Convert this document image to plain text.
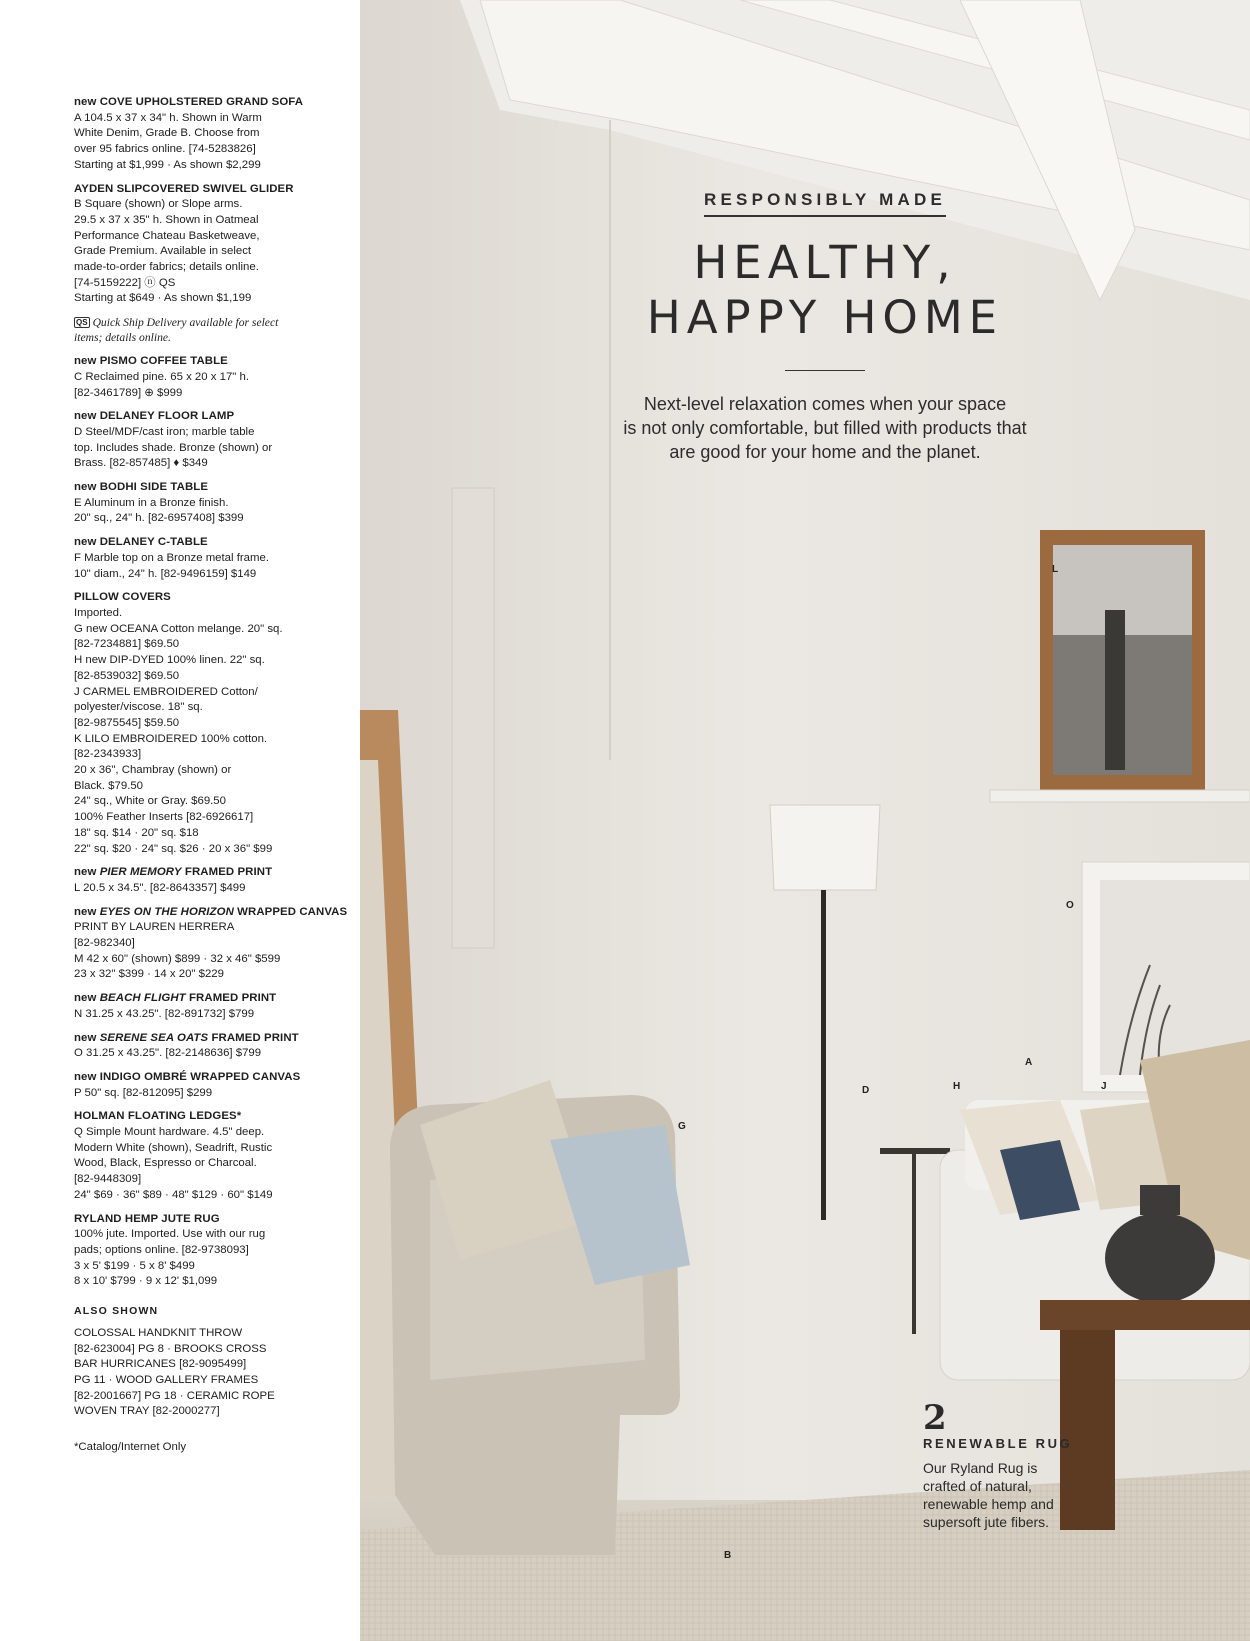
new COVE UPHOLSTERED GRAND SOFA
A 104.5 x 37 x 34" h. Shown in Warm
White Denim, Grade B. Choose from
over 95 fabrics online. [74-5283826]
Starting at $1,999 · As shown $2,299
AYDEN SLIPCOVERED SWIVEL GLIDER
B Square (shown) or Slope arms.
29.5 x 37 x 35" h. Shown in Oatmeal
Performance Chateau Basketweave,
Grade Premium. Available in select
made-to-order fabrics; details online.
[74-5159222] ⓝ QS
Starting at $649 · As shown $1,199
QS Quick Ship Delivery available for select
items; details online.
new PISMO COFFEE TABLE
C Reclaimed pine. 65 x 20 x 17" h.
[82-3461789] ⊕ $999
new DELANEY FLOOR LAMP
D Steel/MDF/cast iron; marble table
top. Includes shade. Bronze (shown) or
Brass. [82-857485] ♦ $349
new BODHI SIDE TABLE
E Aluminum in a Bronze finish.
20" sq., 24" h. [82-6957408] $399
new DELANEY C-TABLE
F Marble top on a Bronze metal frame.
10" diam., 24" h. [82-9496159] $149
PILLOW COVERS
Imported.
G new OCEANA Cotton melange. 20" sq.
[82-7234881] $69.50
H new DIP-DYED 100% linen. 22" sq.
[82-8539032] $69.50
J CARMEL EMBROIDERED Cotton/
polyester/viscose. 18" sq.
[82-9875545] $59.50
K LILO EMBROIDERED 100% cotton.
[82-2343933]
20 x 36", Chambray (shown) or
Black. $79.50
24" sq., White or Gray. $69.50
100% Feather Inserts [82-6926617]
18" sq. $14 · 20" sq. $18
22" sq. $20 · 24" sq. $26 · 20 x 36" $99
new PIER MEMORY FRAMED PRINT
L 20.5 x 34.5". [82-8643357] $499
new EYES ON THE HORIZON WRAPPED CANVAS
PRINT BY LAUREN HERRERA
[82-982340]
M 42 x 60" (shown) $899 · 32 x 46" $599
23 x 32" $399 · 14 x 20" $229
new BEACH FLIGHT FRAMED PRINT
N 31.25 x 43.25". [82-891732] $799
new SERENE SEA OATS FRAMED PRINT
O 31.25 x 43.25". [82-2148636] $799
new INDIGO OMBRÉ WRAPPED CANVAS
P 50" sq. [82-812095] $299
HOLMAN FLOATING LEDGES*
Q Simple Mount hardware. 4.5" deep.
Modern White (shown), Seadrift, Rustic
Wood, Black, Espresso or Charcoal.
[82-9448309]
24" $69 · 36" $89 · 48" $129 · 60" $149
RYLAND HEMP JUTE RUG
100% jute. Imported. Use with our rug
pads; options online. [82-9738093]
3 x 5' $199 · 5 x 8' $499
8 x 10' $799 · 9 x 12' $1,099
ALSO SHOWN
COLOSSAL HANDKNIT THROW
[82-623004] PG 8 · BROOKS CROSS
BAR HURRICANES [82-9095499]
PG 11 · WOOD GALLERY FRAMES
[82-2001667] PG 18 · CERAMIC ROPE
WOVEN TRAY [82-2000277]
*Catalog/Internet Only
L
O
A
D	H	J
G
B
RESPONSIBLY MADE
HEALTHY,
HAPPY HOME
Next-level relaxation comes when your space
is not only comfortable, but filled with products that
are good for your home and the planet.
2
RENEWABLE RUG
Our Ryland Rug is
crafted of natural,
renewable hemp and
supersoft jute fibers.
